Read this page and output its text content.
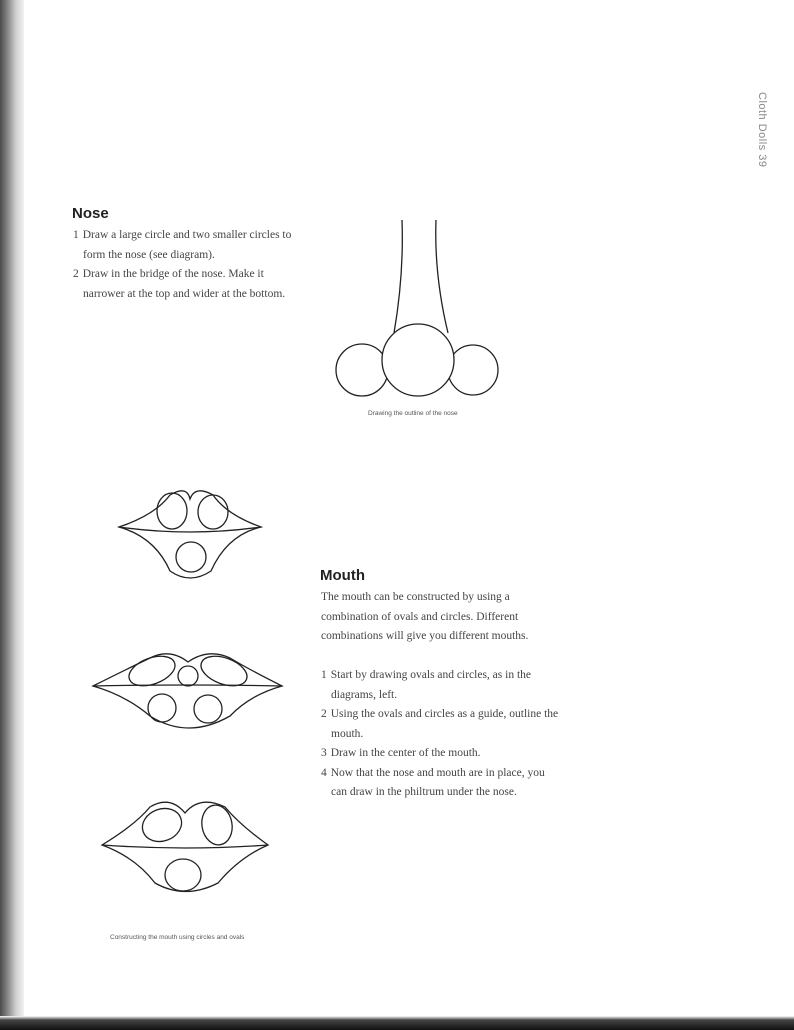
Cloth Dolls 39
Nose
1 Draw a large circle and two smaller circles to form the nose (see diagram).
2 Draw in the bridge of the nose. Make it narrower at the top and wider at the bottom.
Drawing the outline of the nose
Constructing the mouth using circles and ovals
Mouth

The mouth can be constructed by using a combination of ovals and circles. Different combinations will give you different mouths.

1 Start by drawing ovals and circles, as in the diagrams, left.
2 Using the ovals and circles as a guide, outline the mouth.
3 Draw in the center of the mouth.
4 Now that the nose and mouth are in place, you can draw in the philtrum under the nose.
